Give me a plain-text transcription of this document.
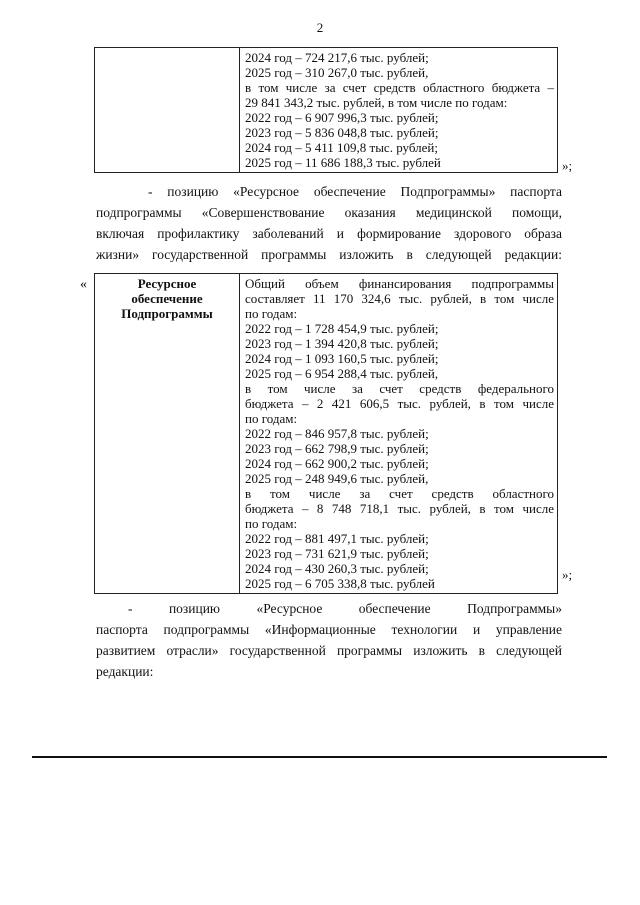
2

2024 год – 724 217,6 тыс. рублей;
2025 год – 310 267,0 тыс. рублей,
в том числе за счет средств областного бюджета –
29 841 343,2 тыс. рублей, в том числе по годам:
2022 год – 6 907 996,3 тыс. рублей;
2023 год – 5 836 048,8 тыс. рублей;
2024 год – 5 411 109,8 тыс. рублей;
2025 год – 11 686 188,3 тыс. рублей	»;
- позицию «Ресурсное обеспечение Подпрограммы» паспорта
подпрограммы «Совершенствование оказания медицинской помощи,
включая профилактику заболеваний и формирование здорового образа
жизни» государственной программы изложить в следующей редакции:
«	Ресурсное
обеспечение
Подпрограммы

Общий объем финансирования подпрограммы
составляет 11 170 324,6 тыс. рублей, в том числе
по годам:
2022 год – 1 728 454,9 тыс. рублей;
2023 год – 1 394 420,8 тыс. рублей;
2024 год – 1 093 160,5 тыс. рублей;
2025 год – 6 954 288,4 тыс. рублей,
в том числе за счет средств федерального
бюджета – 2 421 606,5 тыс. рублей, в том числе
по годам:
2022 год – 846 957,8 тыс. рублей;
2023 год – 662 798,9 тыс. рублей;
2024 год – 662 900,2 тыс. рублей;
2025 год – 248 949,6 тыс. рублей,
в том числе за счет средств областного
бюджета – 8 748 718,1 тыс. рублей, в том числе
по годам:
2022 год – 881 497,1 тыс. рублей;
2023 год – 731 621,9 тыс. рублей;
2024 год – 430 260,3 тыс. рублей;
2025 год – 6 705 338,8 тыс. рублей
»;
- позицию «Ресурсное обеспечение Подпрограммы»
паспорта подпрограммы «Информационные технологии и управление
развитием отрасли» государственной программы изложить в следующей
редакции:
